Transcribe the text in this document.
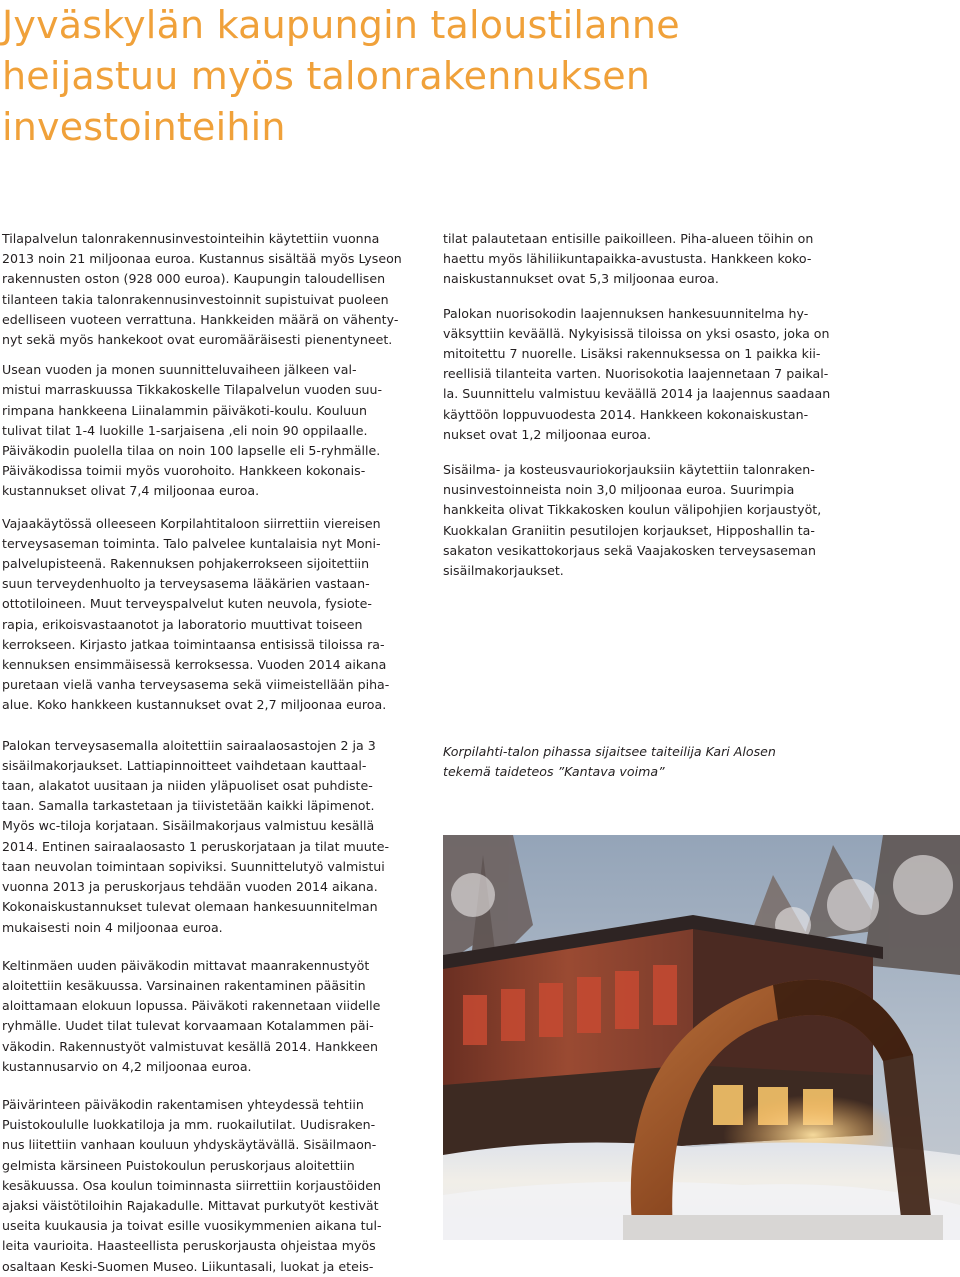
Jyväskylän kaupungin taloustilanne
heijastuu myös talonrakennuksen
investointeihin

Tilapalvelun talonrakennusinvestointeihin käytettiin vuonna
2013 noin 21 miljoonaa euroa. Kustannus sisältää myös Lyseon
rakennusten oston (928 000 euroa). Kaupungin taloudellisen
tilanteen takia talonrakennusinvestoinnit supistuivat puoleen
edelliseen vuoteen verrattuna. Hankkeiden määrä on vähenty-
nyt sekä myös hankekoot ovat euromääräisesti pienentyneet.

Usean vuoden ja monen suunnitteluvaiheen jälkeen val-
mistui marraskuussa Tikkakoskelle Tilapalvelun vuoden suu-
rimpana hankkeena Liinalammin päiväkoti-koulu. Kouluun
tulivat tilat 1-4 luokille 1-sarjaisena ,eli noin 90 oppilaalle.
Päiväkodin puolella tilaa on noin 100 lapselle eli 5-ryhmälle.
Päiväkodissa toimii myös vuorohoito. Hankkeen kokonais-
kustannukset olivat 7,4 miljoonaa euroa.

Vajaakäytössä olleeseen Korpilahtitaloon siirrettiin viereisen
terveysaseman toiminta. Talo palvelee kuntalaisia nyt Moni-
palvelupisteenä. Rakennuksen pohjakerrokseen sijoitettiin
suun terveydenhuolto ja terveysasema lääkärien vastaan-
ottotiloineen. Muut terveyspalvelut kuten neuvola, fysiote-
rapia, erikoisvastaanotot ja laboratorio muuttivat toiseen
kerrokseen. Kirjasto jatkaa toimintaansa entisissä tiloissa ra-
kennuksen ensimmäisessä kerroksessa. Vuoden 2014 aikana
puretaan vielä vanha terveysasema sekä viimeistellään piha-
alue. Koko hankkeen kustannukset ovat 2,7 miljoonaa euroa.

Palokan terveysasemalla aloitettiin sairaalaosastojen 2 ja 3
sisäilmakorjaukset. Lattiapinnoitteet vaihdetaan kauttaal-
taan, alakatot uusitaan ja niiden yläpuoliset osat puhdiste-
taan. Samalla tarkastetaan ja tiivistetään kaikki läpimenot.
Myös wc-tiloja korjataan. Sisäilmakorjaus valmistuu kesällä
2014. Entinen sairaalaosasto 1 peruskorjataan ja tilat muute-
taan neuvolan toimintaan sopiviksi. Suunnittelutyö valmistui
vuonna 2013 ja peruskorjaus tehdään vuoden 2014 aikana.
Kokonaiskustannukset tulevat olemaan hankesuunnitelman
mukaisesti noin 4 miljoonaa euroa.

Keltinmäen uuden päiväkodin mittavat maanrakennustyöt
aloitettiin kesäkuussa. Varsinainen rakentaminen pääsitin
aloittamaan elokuun lopussa. Päiväkoti rakennetaan viidelle
ryhmälle. Uudet tilat tulevat korvaamaan Kotalammen päi-
väkodin. Rakennustyöt valmistuvat kesällä 2014. Hankkeen
kustannusarvio on 4,2 miljoonaa euroa.

Päivärinteen päiväkodin rakentamisen yhteydessä tehtiin
Puistokoululle luokkatiloja ja mm. ruokailutilat. Uudisraken-
nus liitettiin vanhaan kouluun yhdyskäytävällä. Sisäilmaon-
gelmista kärsineen Puistokoulun peruskorjaus aloitettiin
kesäkuussa. Osa koulun toiminnasta siirrettiin korjaustöiden
ajaksi väistötiloihin Rajakadulle. Mittavat purkutyöt kestivät
useita kuukausia ja toivat esille vuosikymmenien aikana tul-
leita vaurioita. Haasteellista peruskorjausta ohjeistaa myös
osaltaan Keski-Suomen Museo. Liikuntasali, luokat ja eteis-

tilat palautetaan entisille paikoilleen. Piha-alueen töihin on
haettu myös lähiliikuntapaikka-avustusta. Hankkeen koko-
naiskustannukset ovat 5,3 miljoonaa euroa.

Palokan nuorisokodin laajennuksen hankesuunnitelma hy-
väksyttiin keväällä. Nykyisissä tiloissa on yksi osasto, joka on
mitoitettu 7 nuorelle. Lisäksi rakennuksessa on 1 paikka kii-
reellisiä tilanteita varten. Nuorisokotia laajennetaan 7 paikal-
la. Suunnittelu valmistuu keväällä 2014 ja laajennus saadaan
käyttöön loppuvuodesta 2014. Hankkeen kokonaiskustan-
nukset ovat 1,2 miljoonaa euroa.

Sisäilma- ja kosteusvauriokorjauksiin käytettiin talonraken-
nusinvestoinneista noin 3,0 miljoonaa euroa. Suurimpia
hankkeita olivat Tikkakosken koulun välipohjien korjaustyöt,
Kuokkalan Graniitin pesutilojen korjaukset, Hipposhallin ta-
sakaton vesikattokorjaus sekä Vaajakosken terveysaseman
sisäilmakorjaukset.

Korpilahti-talon pihassa sijaitsee taiteilija Kari Alosen
tekemä taideteos ”Kantava voima”
